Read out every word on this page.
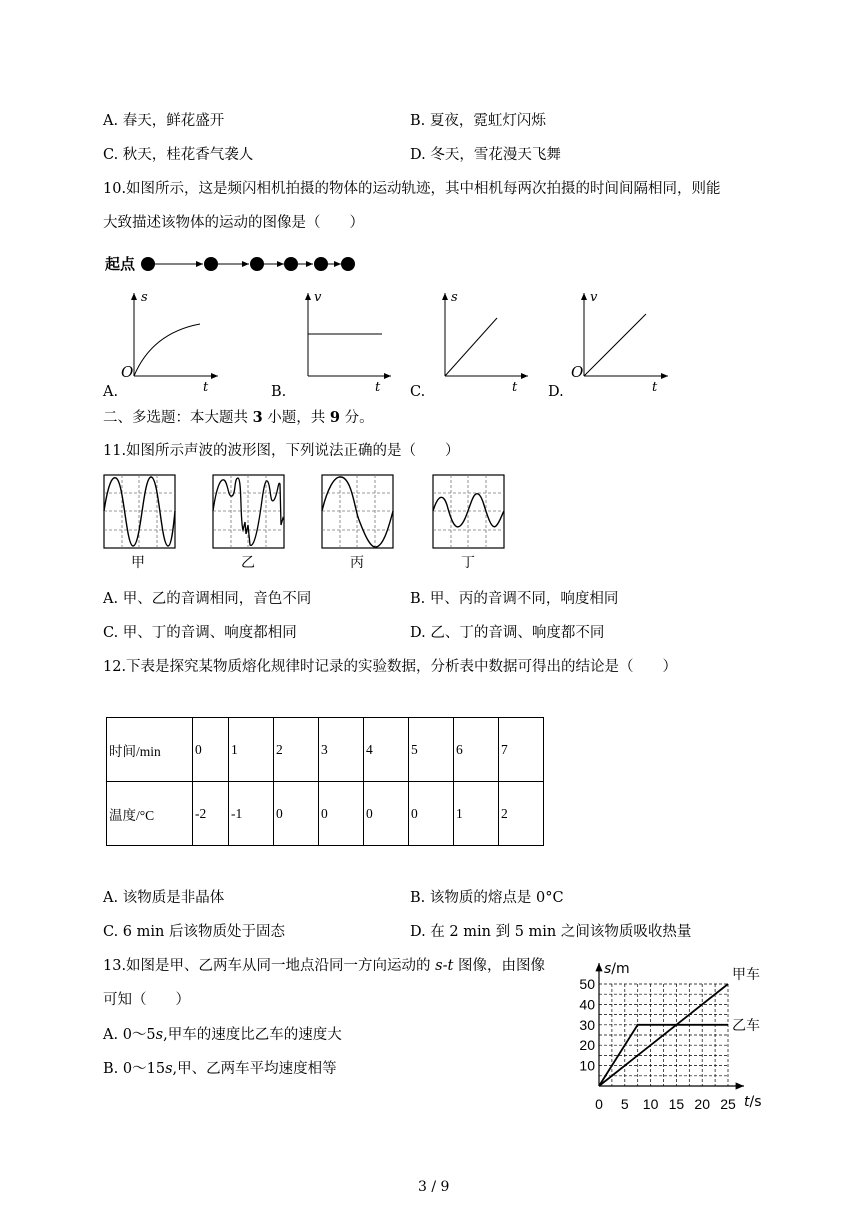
A. 春天，鲜花盛开	B. 夏夜，霓虹灯闪烁
C. 秋天，桂花香气袭人	D. 冬天，雪花漫天飞舞
10.如图所示，这是频闪相机拍摄的物体的运动轨迹，其中相机每两次拍摄的时间间隔相同，则能
大致描述该物体的运动的图像是（　　）
起点
s
O
t
A.
v
t
B.
s
t
C.
v
O
t
D.
二、多选题：本大题共 3 小题，共 9 分。
11.如图所示声波的波形图，下列说法正确的是（　　）
甲	乙	丙	丁
A. 甲、乙的音调相同，音色不同	B. 甲、丙的音调不同，响度相同
C. 甲、丁的音调、响度都相同	D. 乙、丁的音调、响度都不同
12.下表是探究某物质熔化规律时记录的实验数据，分析表中数据可得出的结论是（　　）
时间/min	0	1	2	3	4	5	6	7
温度/°C	-2	-1	0	0	0	0	1	2
A. 该物质是非晶体	B. 该物质的熔点是 0°C
C. 6 min 后该物质处于固态	D. 在 2 min 到 5 min 之间该物质吸收热量
13.如图是甲、乙两车从同一地点沿同一方向运动的 s-t 图像，由图像
可知（　　）
A. 0～5s,甲车的速度比乙车的速度大
B. 0～15s,甲、乙两车平均速度相等
0 5 10 15 20 25
10
20
30
40
50
甲车
乙车
s/m
t/s
3 / 9
